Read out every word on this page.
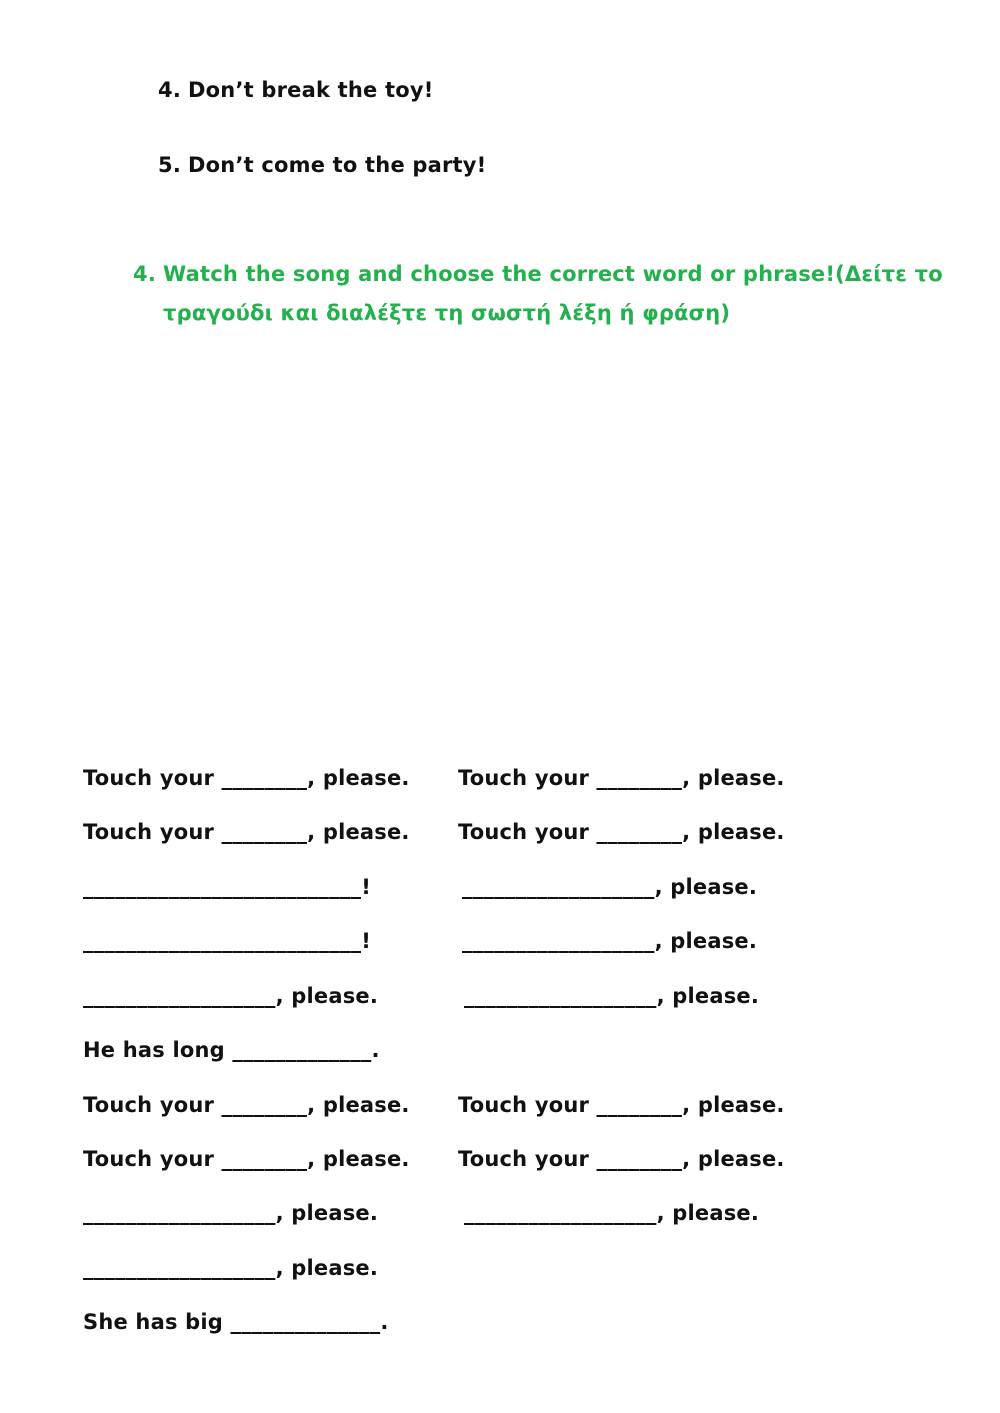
4. Don’t break the toy!

5. Don’t come to the party!

4. Watch the song and choose the correct word or phrase!(Δείτε το

τραγούδι και διαλέξτε τη σωστή λέξη ή φράση)

Touch your ________, please. Touch your ________, please.
Touch your ________, please. Touch your ________, please.
__________________________!	__________________, please.
__________________________!	__________________, please.
__________________, please.	__________________, please.
He has long _____________.
Touch your ________, please. Touch your ________, please.
Touch your ________, please. Touch your ________, please.
__________________, please.	__________________, please.
__________________, please.
She has big ______________.
